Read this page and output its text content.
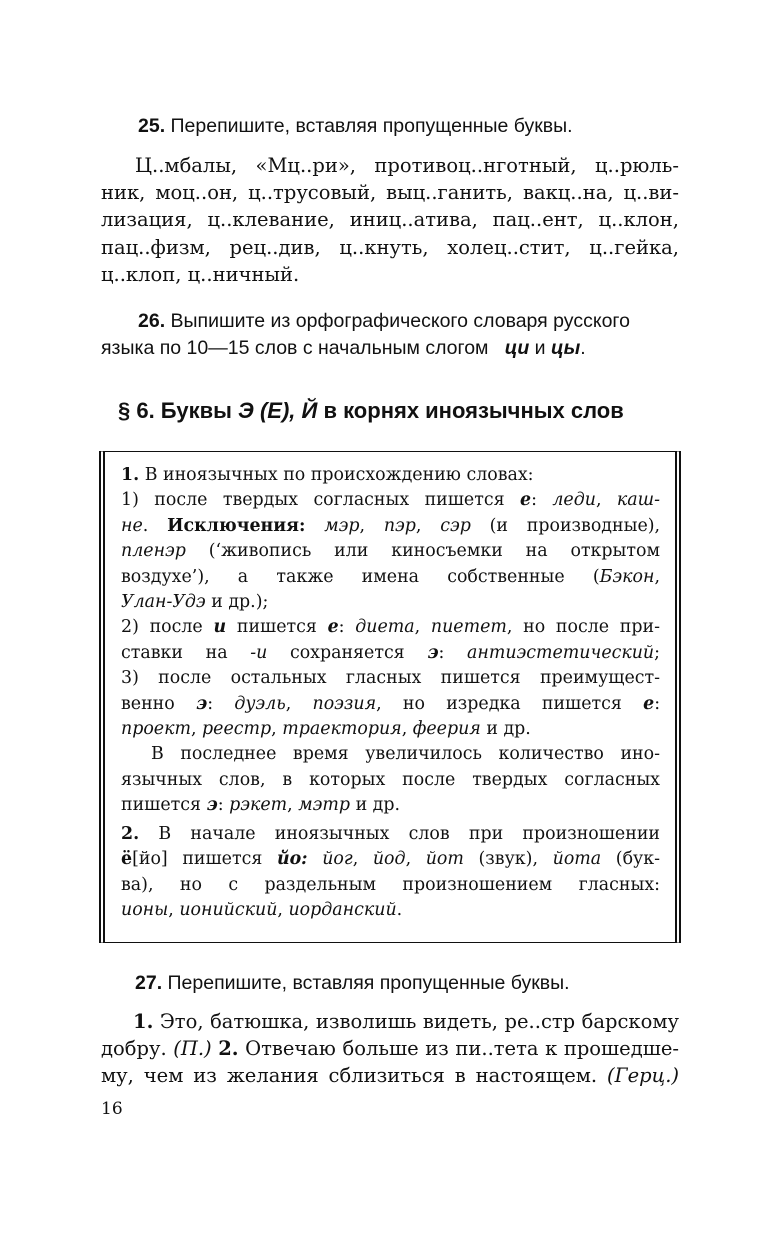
25. Перепишите, вставляя пропущенные буквы.
Ц..мбалы, «Мц..ри», противоц..нготный, ц..рюль-
ник, моц..он, ц..трусовый, выц..ганить, вакц..на, ц..ви-
лизация, ц..клевание, иниц..атива, пац..ент, ц..клон,
пац..физм, рец..див, ц..кнуть, холец..стит, ц..гейка,
ц..клоп, ц..ничный.
26. Выпишите из орфографического словаря русского
языка по 10—15 слов с начальным слогом ци и цы.
§ 6. Буквы Э (Е), Й в корнях иноязычных слов
1. В иноязычных по происхождению словах:
1) после твердых согласных пишется е: леди, каш-
не. Исключения: мэр, пэр, сэр (и производные),
пленэр (‘живопись или киносъемки на открытом
воздухе’), а также имена собственные (Бэкон,
Улан-Удэ и др.);
2) после и пишется е: диета, пиетет, но после при-
ставки на -и сохраняется э: антиэстетический;
3) после остальных гласных пишется преимущест-
венно э: дуэль, поэзия, но изредка пишется е:
проект, реестр, траектория, феерия и др.
В последнее время увеличилось количество ино-
язычных слов, в которых после твердых согласных
пишется э: рэкет, мэтр и др.
2. В начале иноязычных слов при произношении
ё[йо] пишется йо: йог, йод, йот (звук), йота (бук-
ва), но с раздельным произношением гласных:
ионы, ионийский, иорданский.
27. Перепишите, вставляя пропущенные буквы.
1. Это, батюшка, изволишь видеть, ре..стр барскому
добру. (П.) 2. Отвечаю больше из пи..тета к прошедше-
му, чем из желания сблизиться в настоящем. (Герц.)
16
